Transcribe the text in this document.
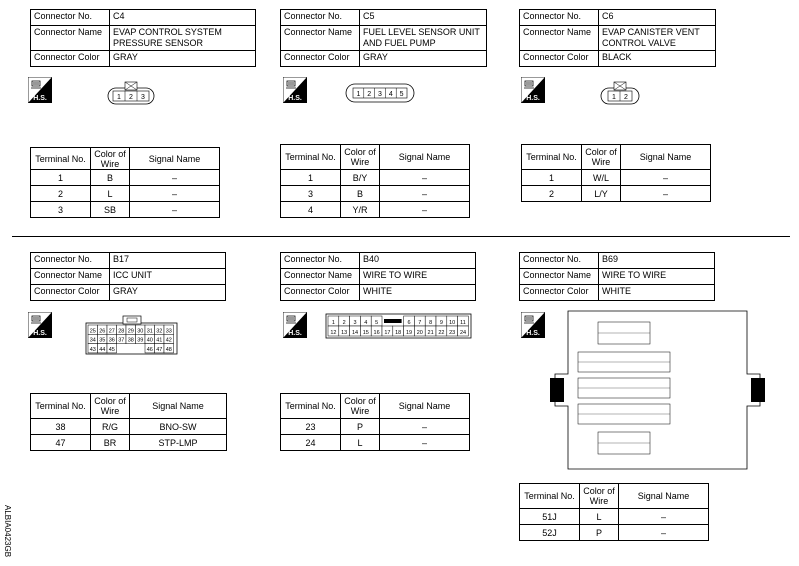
Connector No.	C4
Connector Name	EVAP CONTROL SYSTEM PRESSURE SENSOR
Connector Color	GRAY
H.S.	1 2 3
Terminal No.	Color of Wire	Signal Name
1	B	–
2	L	–
3	SB	–
Connector No.	C5
Connector Name	FUEL LEVEL SENSOR UNIT AND FUEL PUMP
Connector Color	GRAY
H.S.
1 2 3 4 5
Terminal No.	Color of Wire	Signal Name
1	B/Y	–
3	B	–
4	Y/R	–
Connector No.	C6
Connector Name	EVAP CANISTER VENT CONTROL VALVE
Connector Color	BLACK
H.S.	1 2
Terminal No.	Color of Wire	Signal Name
1	W/L	–
2	L/Y	–
Connector No.	B17
Connector Name	ICC UNIT
Connector Color	GRAY
H.S.	25 26 27 28 29 30 31 32 33
34 35 36 37 38 39 40 41 42
43 44 45	46 47 48
Terminal No.	Color of Wire	Signal Name
38	R/G	BNO-SW
47	BR	STP-LMP
Connector No.	B40
Connector Name	WIRE TO WIRE
Connector Color	WHITE
H.S.
1 2 3 4 5	6 7 8 9 10 11
12 13 14 15 16 17 18 19 20 21 22 23 24
Terminal No.	Color of Wire	Signal Name
23	P	–
24	L	–
Connector No.	B69
Connector Name	WIRE TO WIRE
Connector Color	WHITE
H.S.
Terminal No.	Color of Wire	Signal Name
51J	L	–
52J	P	–
ALBIA0423GB
